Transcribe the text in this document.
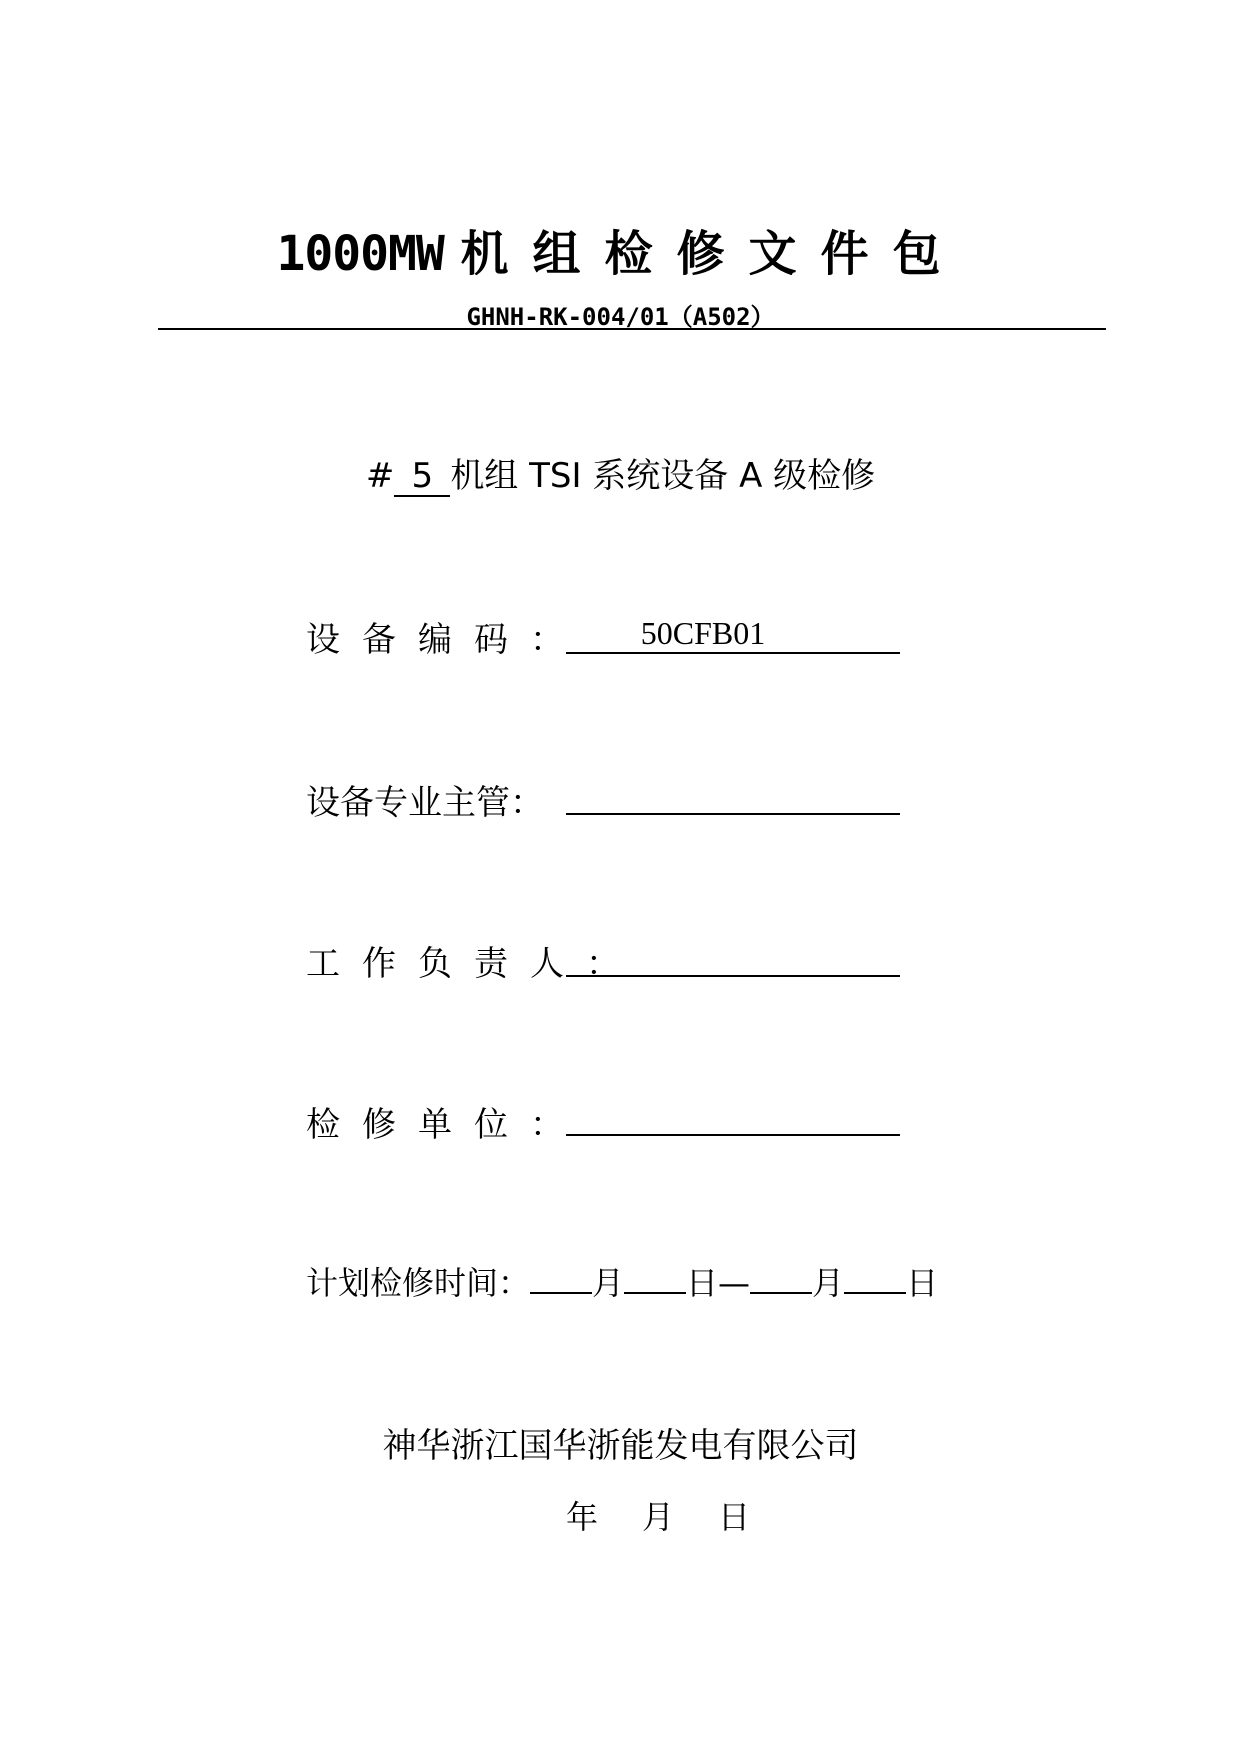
1000MW 机组检修文件包
GHNH-RK-004/01（A502）
# 5 机组 TSI 系统设备 A 级检修
设备编码：	50CFB01
设备专业主管：
工作负责人：
检修单位：
计划检修时间： 月 日— 月 日
神华浙江国华浙能发电有限公司
年 月 日
